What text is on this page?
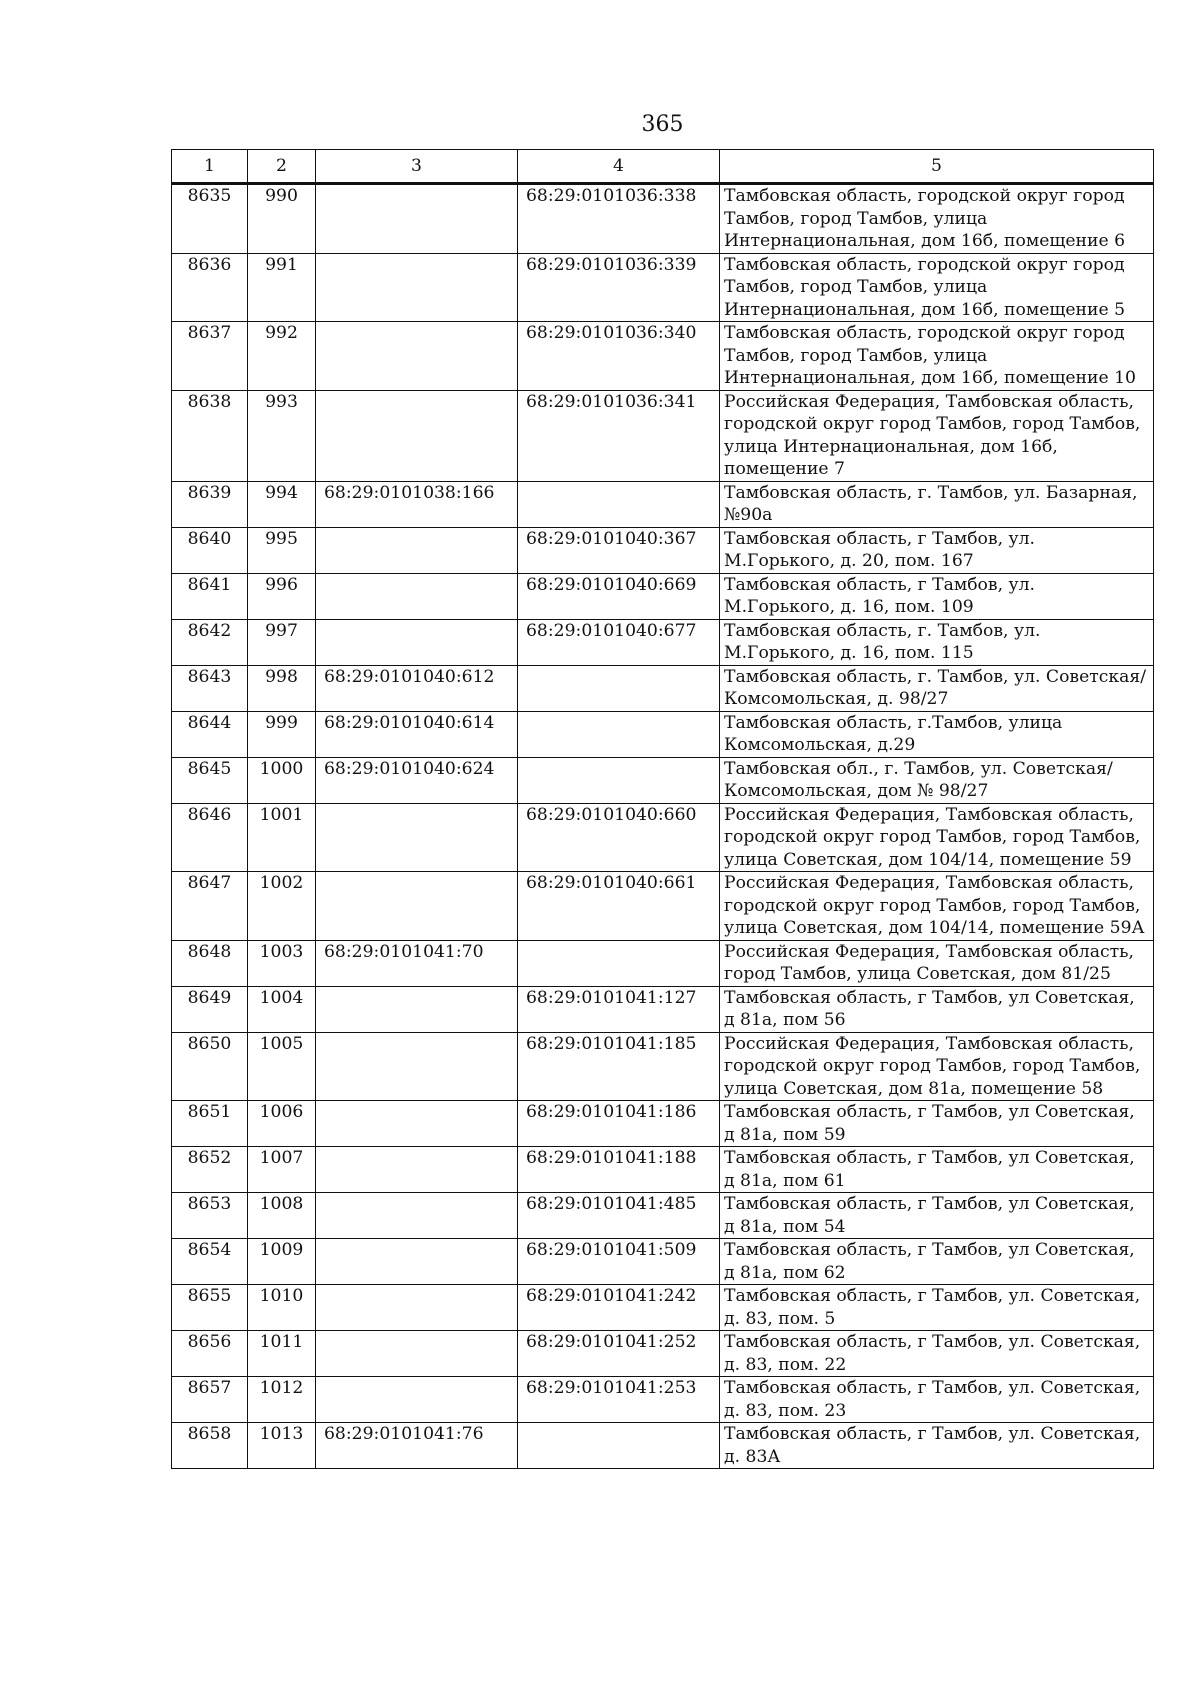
365
1	2	3	4	5
8635	990		68:29:0101036:338	Тамбовская область, городской округ город Тамбов, город Тамбов, улица Интернациональная, дом 16б, помещение 6
8636	991		68:29:0101036:339	Тамбовская область, городской округ город Тамбов, город Тамбов, улица Интернациональная, дом 16б, помещение 5
8637	992		68:29:0101036:340	Тамбовская область, городской округ город Тамбов, город Тамбов, улица Интернациональная, дом 16б, помещение 10
8638	993		68:29:0101036:341	Российская Федерация, Тамбовская область, городской округ город Тамбов, город Тамбов, улица Интернациональная, дом 16б, помещение 7
8639	994	68:29:0101038:166		Тамбовская область, г. Тамбов, ул. Базарная, №90а
8640	995		68:29:0101040:367	Тамбовская область, г Тамбов, ул. М.Горького, д. 20, пом. 167
8641	996		68:29:0101040:669	Тамбовская область, г Тамбов, ул. М.Горького, д. 16, пом. 109
8642	997		68:29:0101040:677	Тамбовская область, г. Тамбов, ул. М.Горького, д. 16, пом. 115
8643	998	68:29:0101040:612		Тамбовская область, г. Тамбов, ул. Советская/Комсомольская, д. 98/27
8644	999	68:29:0101040:614		Тамбовская область, г.Тамбов, улица Комсомольская, д.29
8645	1000	68:29:0101040:624		Тамбовская обл., г. Тамбов, ул. Советская/Комсомольская, дом № 98/27
8646	1001		68:29:0101040:660	Российская Федерация, Тамбовская область, городской округ город Тамбов, город Тамбов, улица Советская, дом 104/14, помещение 59
8647	1002		68:29:0101040:661	Российская Федерация, Тамбовская область, городской округ город Тамбов, город Тамбов, улица Советская, дом 104/14, помещение 59А
8648	1003	68:29:0101041:70		Российская Федерация, Тамбовская область, город Тамбов, улица Советская, дом 81/25
8649	1004		68:29:0101041:127	Тамбовская область, г Тамбов, ул Советская, д 81а, пом 56
8650	1005		68:29:0101041:185	Российская Федерация, Тамбовская область, городской округ город Тамбов, город Тамбов, улица Советская, дом 81а, помещение 58
8651	1006		68:29:0101041:186	Тамбовская область, г Тамбов, ул Советская, д 81а, пом 59
8652	1007		68:29:0101041:188	Тамбовская область, г Тамбов, ул Советская, д 81а, пом 61
8653	1008		68:29:0101041:485	Тамбовская область, г Тамбов, ул Советская, д 81а, пом 54
8654	1009		68:29:0101041:509	Тамбовская область, г Тамбов, ул Советская, д 81а, пом 62
8655	1010		68:29:0101041:242	Тамбовская область, г Тамбов, ул. Советская, д. 83, пом. 5
8656	1011		68:29:0101041:252	Тамбовская область, г Тамбов, ул. Советская, д. 83, пом. 22
8657	1012		68:29:0101041:253	Тамбовская область, г Тамбов, ул. Советская, д. 83, пом. 23
8658	1013	68:29:0101041:76		Тамбовская область, г Тамбов, ул. Советская, д. 83А
